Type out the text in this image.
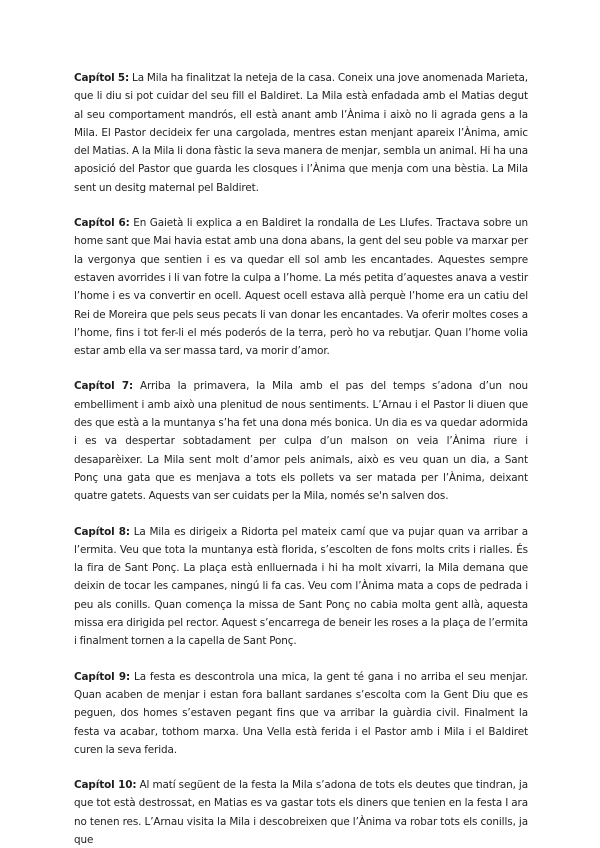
Capítol 5: La Mila ha finalitzat la neteja de la casa. Coneix una jove anomenada Marieta, que li diu si pot cuidar del seu fill el Baldiret. La Mila està enfadada amb el Matias degut al seu comportament mandrós, ell està anant amb l’Ànima i això no li agrada gens a la Mila. El Pastor decideix fer una cargolada, mentres estan menjant apareix l’Ànima, amic del Matias. A la Mila li dona fàstic la seva manera de menjar, sembla un animal. Hi ha una aposició del Pastor que guarda les closques i l’Ànima que menja com una bèstia. La Mila sent un desitg maternal pel Baldiret.

Capítol 6: En Gaietà li explica a en Baldiret la rondalla de Les Llufes. Tractava sobre un home sant que Mai havia estat amb una dona abans, la gent del seu poble va marxar per la vergonya que sentien i es va quedar ell sol amb les encantades. Aquestes sempre estaven avorrides i li van fotre la culpa a l’home. La més petita d’aquestes anava a vestir l’home i es va convertir en ocell. Aquest ocell estava allà perquè l’home era un catiu del Rei de Moreira que pels seus pecats li van donar les encantades. Va oferir moltes coses a l’home, fins i tot fer-li el més poderós de la terra, però ho va rebutjar. Quan l’home volia estar amb ella va ser massa tard, va morir d’amor.

Capítol 7: Arriba la primavera, la Mila amb el pas del temps s’adona d’un nou embelliment i amb això una plenitud de nous sentiments. L’Arnau i el Pastor li diuen que des que està a la muntanya s’ha fet una dona més bonica. Un dia es va quedar adormida i es va despertar sobtadament per culpa d’un malson on veia l’Ànima riure i desaparèixer. La Mila sent molt d’amor pels animals, això es veu quan un dia, a Sant Ponç una gata que es menjava a tots els pollets va ser matada per l’Ànima, deixant quatre gatets. Aquests van ser cuidats per la Mila, només se'n salven dos.

Capítol 8: La Mila es dirigeix a Ridorta pel mateix camí que va pujar quan va arribar a l’ermita. Veu que tota la muntanya està florida, s’escolten de fons molts crits i rialles. És la fira de Sant Ponç. La plaça està enlluernada i hi ha molt xivarri, la Mila demana que deixin de tocar les campanes, ningú li fa cas. Veu com l’Ànima mata a cops de pedrada i peu als conills. Quan comença la missa de Sant Ponç no cabia molta gent allà, aquesta missa era dirigida pel rector. Aquest s’encarrega de beneir les roses a la plaça de l’ermita i finalment tornen a la capella de Sant Ponç.

Capítol 9: La festa es descontrola una mica, la gent té gana i no arriba el seu menjar. Quan acaben de menjar i estan fora ballant sardanes s’escolta com la Gent Diu que es peguen, dos homes s’estaven pegant fins que va arribar la guàrdia civil. Finalment la festa va acabar, tothom marxa. Una Vella està ferida i el Pastor amb i Mila i el Baldiret curen la seva ferida.

Capítol 10: Al matí següent de la festa la Mila s’adona de tots els deutes que tindran, ja que tot està destrossat, en Matias es va gastar tots els diners que tenien en la festa I ara no tenen res. L’Arnau visita la Mila i descobreixen que l’Ànima va robar tots els conills, ja que
